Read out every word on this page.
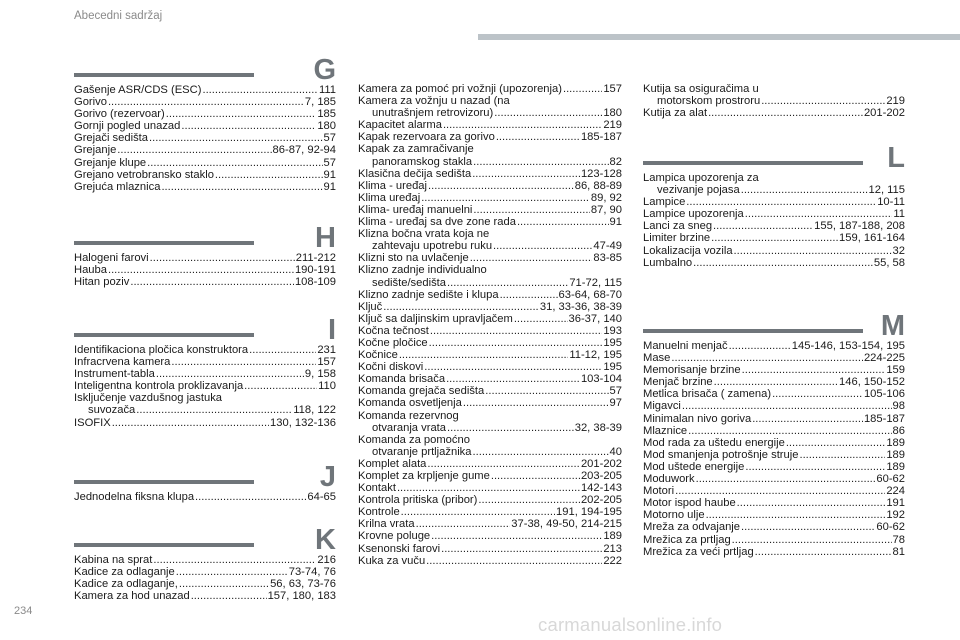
Abecedni sadržaj
G
Gašenje ASR/CDS (ESC) .....	111
Gorivo .....	7, 185
Gorivo (rezervoar) .....	185
Gornji pogled unazad .....	180
Grejači sedišta .....	57
Grejanje .....	86-87, 92-94
Grejanje klupe .....	57
Grejano vetrobransko staklo .....	91
Grejuća mlaznica .....	91
H
Halogeni farovi .....	211-212
Hauba .....	190-191
Hitan poziv .....	108-109
I
Identifikaciona pločica konstruktora .....	231
Infracrvena kamera .....	157
Instrument-tabla .....	9, 158
Inteligentna kontrola proklizavanja .....	110
Isključenje vazdušnog jastuka
suvozača .....	118, 122
ISOFIX .....	130, 132-136
J
Jednodelna fiksna klupa .....	64-65
K
Kabina na sprat .....	216
Kadice za odlaganje .....	73-74, 76
Kadice za odlaganje, .....	56, 63, 73-76
Kamera za hod unazad .....	157, 180, 183
Kamera za pomoć pri vožnji (upozorenja) .....	157
Kamera za vožnju u nazad (na
unutrašnjem retrovizoru) .....	180
Kapacitet alarma .....	219
Kapak rezervoara za gorivo .....	185-187
Kapak za zamračivanje
panoramskog stakla .....	82
Klasična dečija sedišta .....	123-128
Klima - uređaj .....	86, 88-89
Klima uređaj .....	89, 92
Klima- uređaj manuelni .....	87, 90
Klima - uređaj sa dve zone rada .....	91
Klizna bočna vrata koja ne
zahtevaju upotrebu ruku .....	47-49
Klizni sto na uvlačenje .....	83-85
Klizno zadnje individualno
sedište/sedišta .....	71-72, 115
Klizno zadnje sedište i klupa .....	63-64, 68-70
Ključ .....	31, 33-36, 38-39
Ključ sa daljinskim upravljačem .....	36-37, 140
Kočna tečnost .....	193
Kočne pločice .....	195
Kočnice .....	11-12, 195
Kočni diskovi .....	195
Komanda brisača .....	103-104
Komanda grejača sedišta .....	57
Komanda osvetljenja .....	97
Komanda rezervnog
otvaranja vrata .....	32, 38-39
Komanda za pomoćno
otvaranje prtljažnika .....	40
Komplet alata .....	201-202
Komplet za krpljenje gume .....	203-205
Kontakt .....	142-143
Kontrola pritiska (pribor) .....	202-205
Kontrole .....	191, 194-195
Krilna vrata .....	37-38, 49-50, 214-215
Krovne poluge .....	189
Ksenonski farovi .....	213
Kuka za vuču .....	222
Kutija sa osiguračima u
motorskom prostroru .....	219
Kutija za alat .....	201-202
L
Lampica upozorenja za
vezivanje pojasa .....	12, 115
Lampice .....	10-11
Lampice upozorenja .....	11
Lanci za sneg .....	155, 187-188, 208
Limiter brzine .....	159, 161-164
Lokalizacija vozila .....	32
Lumbalno .....	55, 58
M
Manuelni menjač .....	145-146, 153-154, 195
Mase .....	224-225
Memorisanje brzine .....	159
Menjač brzine .....	146, 150-152
Metlica brisača ( zamena) .....	105-106
Migavci .....	98
Minimalan nivo goriva .....	185-187
Mlaznice .....	86
Mod rada za uštedu energije .....	189
Mod smanjenja potrošnje struje .....	189
Mod uštede energije .....	189
Moduwork .....	60-62
Motori .....	224
Motor ispod haube .....	191
Motorno ulje .....	192
Mreža za odvajanje .....	60-62
Mrežica za prtljag .....	78
Mrežica za veći prtljag .....	81
234
carmanualsonline.info
